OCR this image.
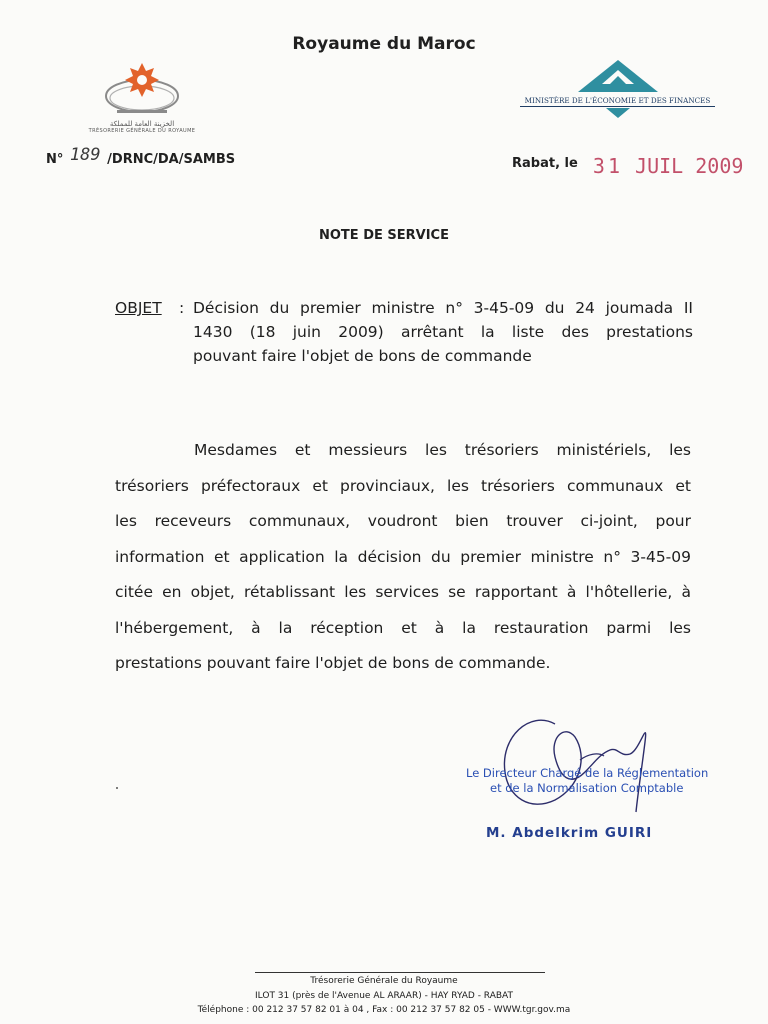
Royaume du Maroc
الخزينة العامة للمملكة
TRÉSORERIE GÉNÉRALE DU ROYAUME
MINISTÈRE DE L'ÉCONOMIE ET DES FINANCES
N° 189 /DRNC/DA/SAMBS	Rabat, le 31 JUIL 2009
NOTE DE SERVICE
OBJET : Décision du premier ministre n° 3-45-09 du 24 joumada II
1430 (18 juin 2009) arrêtant la liste des prestations
pouvant faire l'objet de bons de commande
Mesdames et messieurs les trésoriers ministériels, les
trésoriers préfectoraux et provinciaux, les trésoriers communaux et
les receveurs communaux, voudront bien trouver ci-joint, pour
information et application la décision du premier ministre n° 3-45-09
citée en objet, rétablissant les services se rapportant à l'hôtellerie, à
l'hébergement, à la réception et à la restauration parmi les
prestations pouvant faire l'objet de bons de commande.
Le Directeur Chargé de la Réglementation
et de la Normalisation Comptable
M. Abdelkrim GUIRI
Trésorerie Générale du Royaume
ILOT 31 (près de l'Avenue AL ARAAR) - HAY RYAD - RABAT
Téléphone : 00 212 37 57 82 01 à 04 , Fax : 00 212 37 57 82 05 - WWW.tgr.gov.ma
